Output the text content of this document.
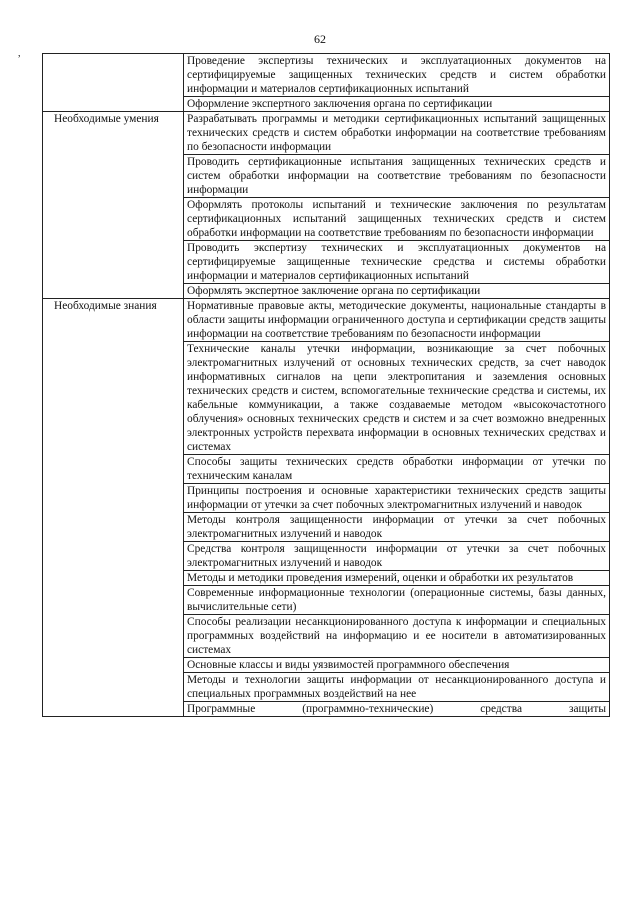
62
,
	Проведение экспертизы технических и эксплуатационных документов на сертифицируемые защищенных технических средств и систем обработки информации и материалов сертификационных испытаний
	Оформление экспертного заключения органа по сертификации

Необходимые умения	Разрабатывать программы и методики сертификационных испытаний защищенных технических средств и систем обработки информации на соответствие требованиям по безопасности информации
	Проводить сертификационные испытания защищенных технических средств и систем обработки информации на соответствие требованиям по безопасности информации
	Оформлять протоколы испытаний и технические заключения по результатам сертификационных испытаний защищенных технических средств и систем обработки информации на соответствие требованиям по безопасности информации
	Проводить экспертизу технических и эксплуатационных документов на сертифицируемые защищенные технические средства и системы обработки информации и материалов сертификационных испытаний
	Оформлять экспертное заключение органа по сертификации

Необходимые знания	Нормативные правовые акты, методические документы, национальные стандарты в области защиты информации ограниченного доступа и сертификации средств защиты информации на соответствие требованиям по безопасности информации
	Технические каналы утечки информации, возникающие за счет побочных электромагнитных излучений от основных технических средств, за счет наводок информативных сигналов на цепи электропитания и заземления основных технических средств и систем, вспомогательные технические средства и системы, их кабельные коммуникации, а также создаваемые методом «высокочастотного облучения» основных технических средств и систем и за счет возможно внедренных электронных устройств перехвата информации в основных технических средствах и системах
	Способы защиты технических средств обработки информации от утечки по техническим каналам
	Принципы построения и основные характеристики технических средств защиты информации от утечки за счет побочных электромагнитных излучений и наводок
	Методы контроля защищенности информации от утечки за счет побочных электромагнитных излучений и наводок
	Средства контроля защищенности информации от утечки за счет побочных электромагнитных излучений и наводок
	Методы и методики проведения измерений, оценки и обработки их результатов
	Современные информационные технологии (операционные системы, базы данных, вычислительные сети)
	Способы реализации несанкционированного доступа к информации и специальных программных воздействий на информацию и ее носители в автоматизированных системах
	Основные классы и виды уязвимостей программного обеспечения
	Методы и технологии защиты информации от несанкционированного доступа и специальных программных воздействий на нее
	Программные (программно-технические) средства защиты
